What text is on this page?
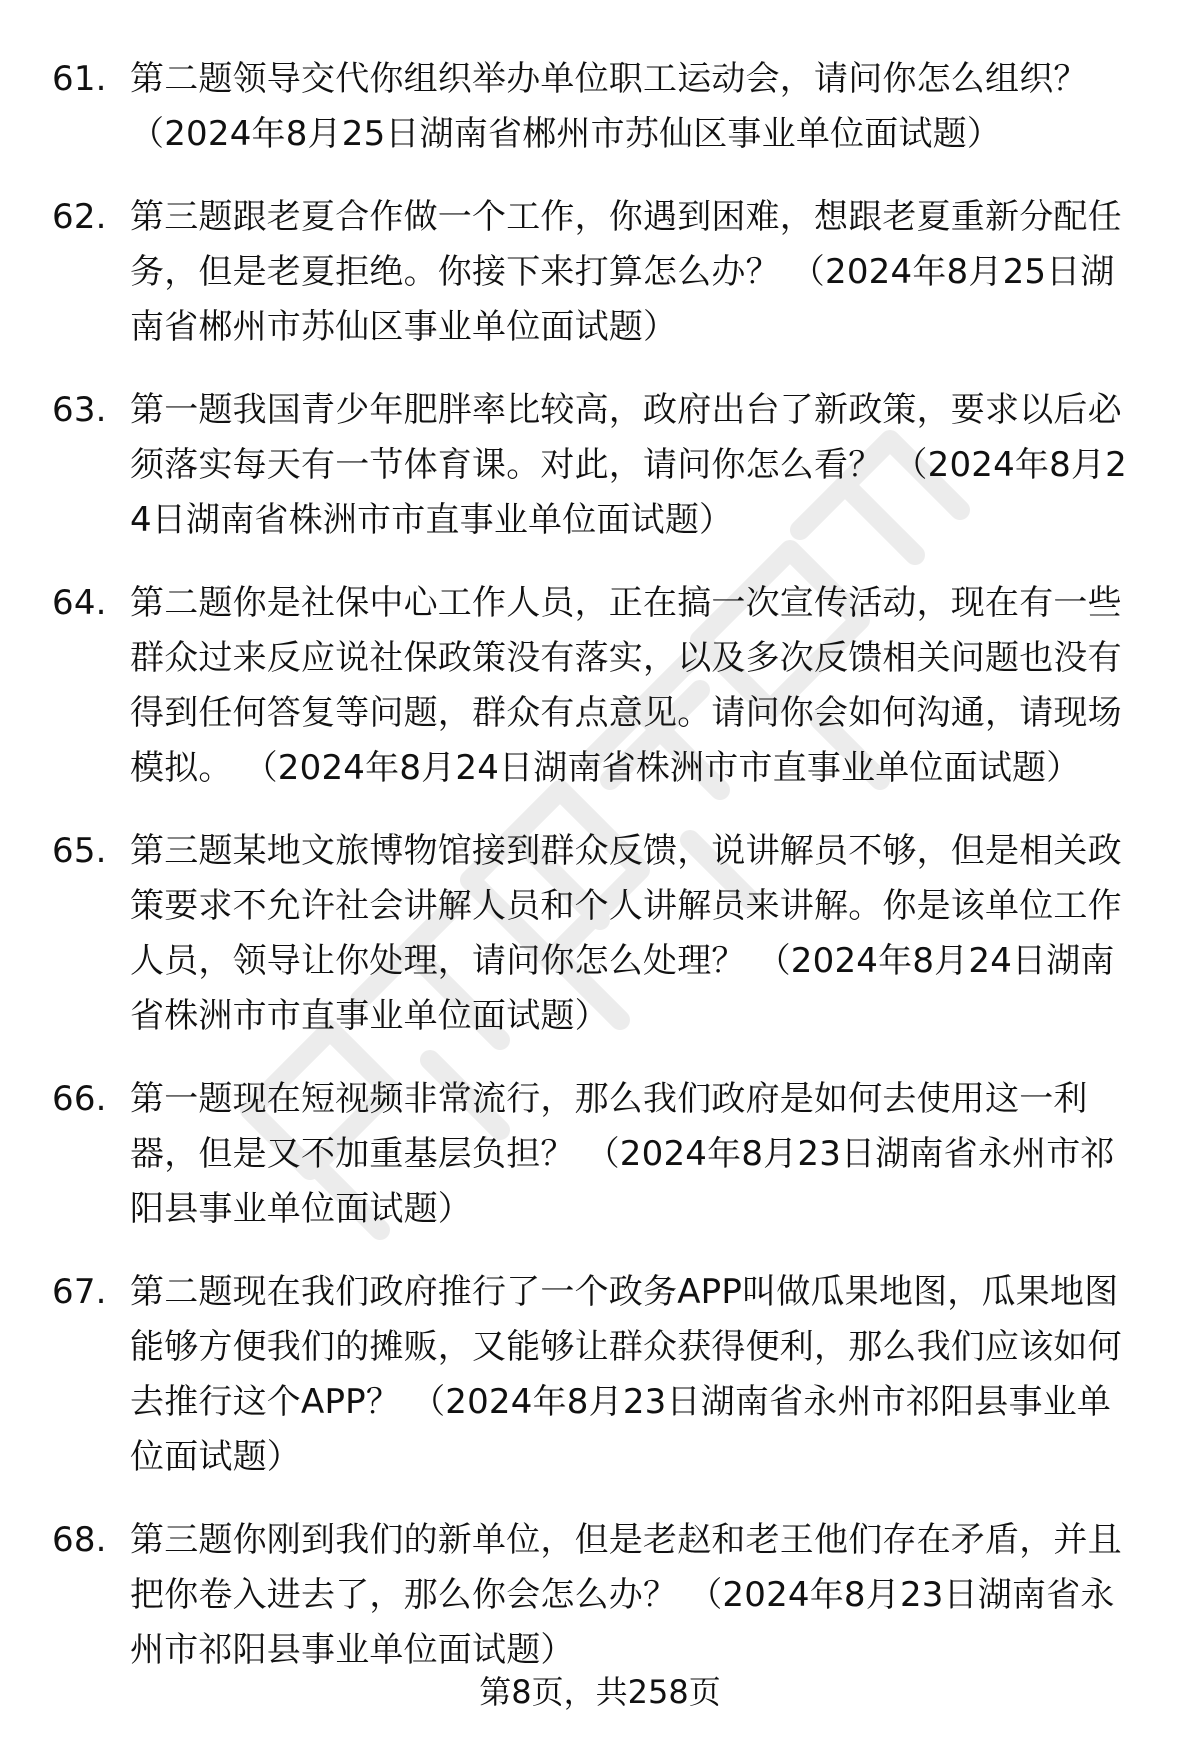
61. 第二题领导交代你组织举办单位职工运动会，请问你怎么组织？ （2024年8月25日湖南省郴州市苏仙区事业单位面试题）
62. 第三题跟老夏合作做一个工作，你遇到困难，想跟老夏重新分配任务，但是老夏拒绝。你接下来打算怎么办？ （2024年8月25日湖南省郴州市苏仙区事业单位面试题）
63. 第一题我国青少年肥胖率比较高，政府出台了新政策，要求以后必须落实每天有一节体育课。对此，请问你怎么看？ （2024年8月24日湖南省株洲市市直事业单位面试题）
64. 第二题你是社保中心工作人员，正在搞一次宣传活动，现在有一些群众过来反应说社保政策没有落实，以及多次反馈相关问题也没有得到任何答复等问题，群众有点意见。请问你会如何沟通，请现场模拟。 （2024年8月24日湖南省株洲市市直事业单位面试题）
65. 第三题某地文旅博物馆接到群众反馈，说讲解员不够，但是相关政策要求不允许社会讲解人员和个人讲解员来讲解。你是该单位工作人员，领导让你处理，请问你怎么处理？ （2024年8月24日湖南省株洲市市直事业单位面试题）
66. 第一题现在短视频非常流行，那么我们政府是如何去使用这一利器，但是又不加重基层负担？ （2024年8月23日湖南省永州市祁阳县事业单位面试题）
67. 第二题现在我们政府推行了一个政务APP叫做瓜果地图，瓜果地图能够方便我们的摊贩，又能够让群众获得便利，那么我们应该如何去推行这个APP？ （2024年8月23日湖南省永州市祁阳县事业单位面试题）
68. 第三题你刚到我们的新单位，但是老赵和老王他们存在矛盾，并且把你卷入进去了，那么你会怎么办？ （2024年8月23日湖南省永州市祁阳县事业单位面试题）
第8页，共258页
